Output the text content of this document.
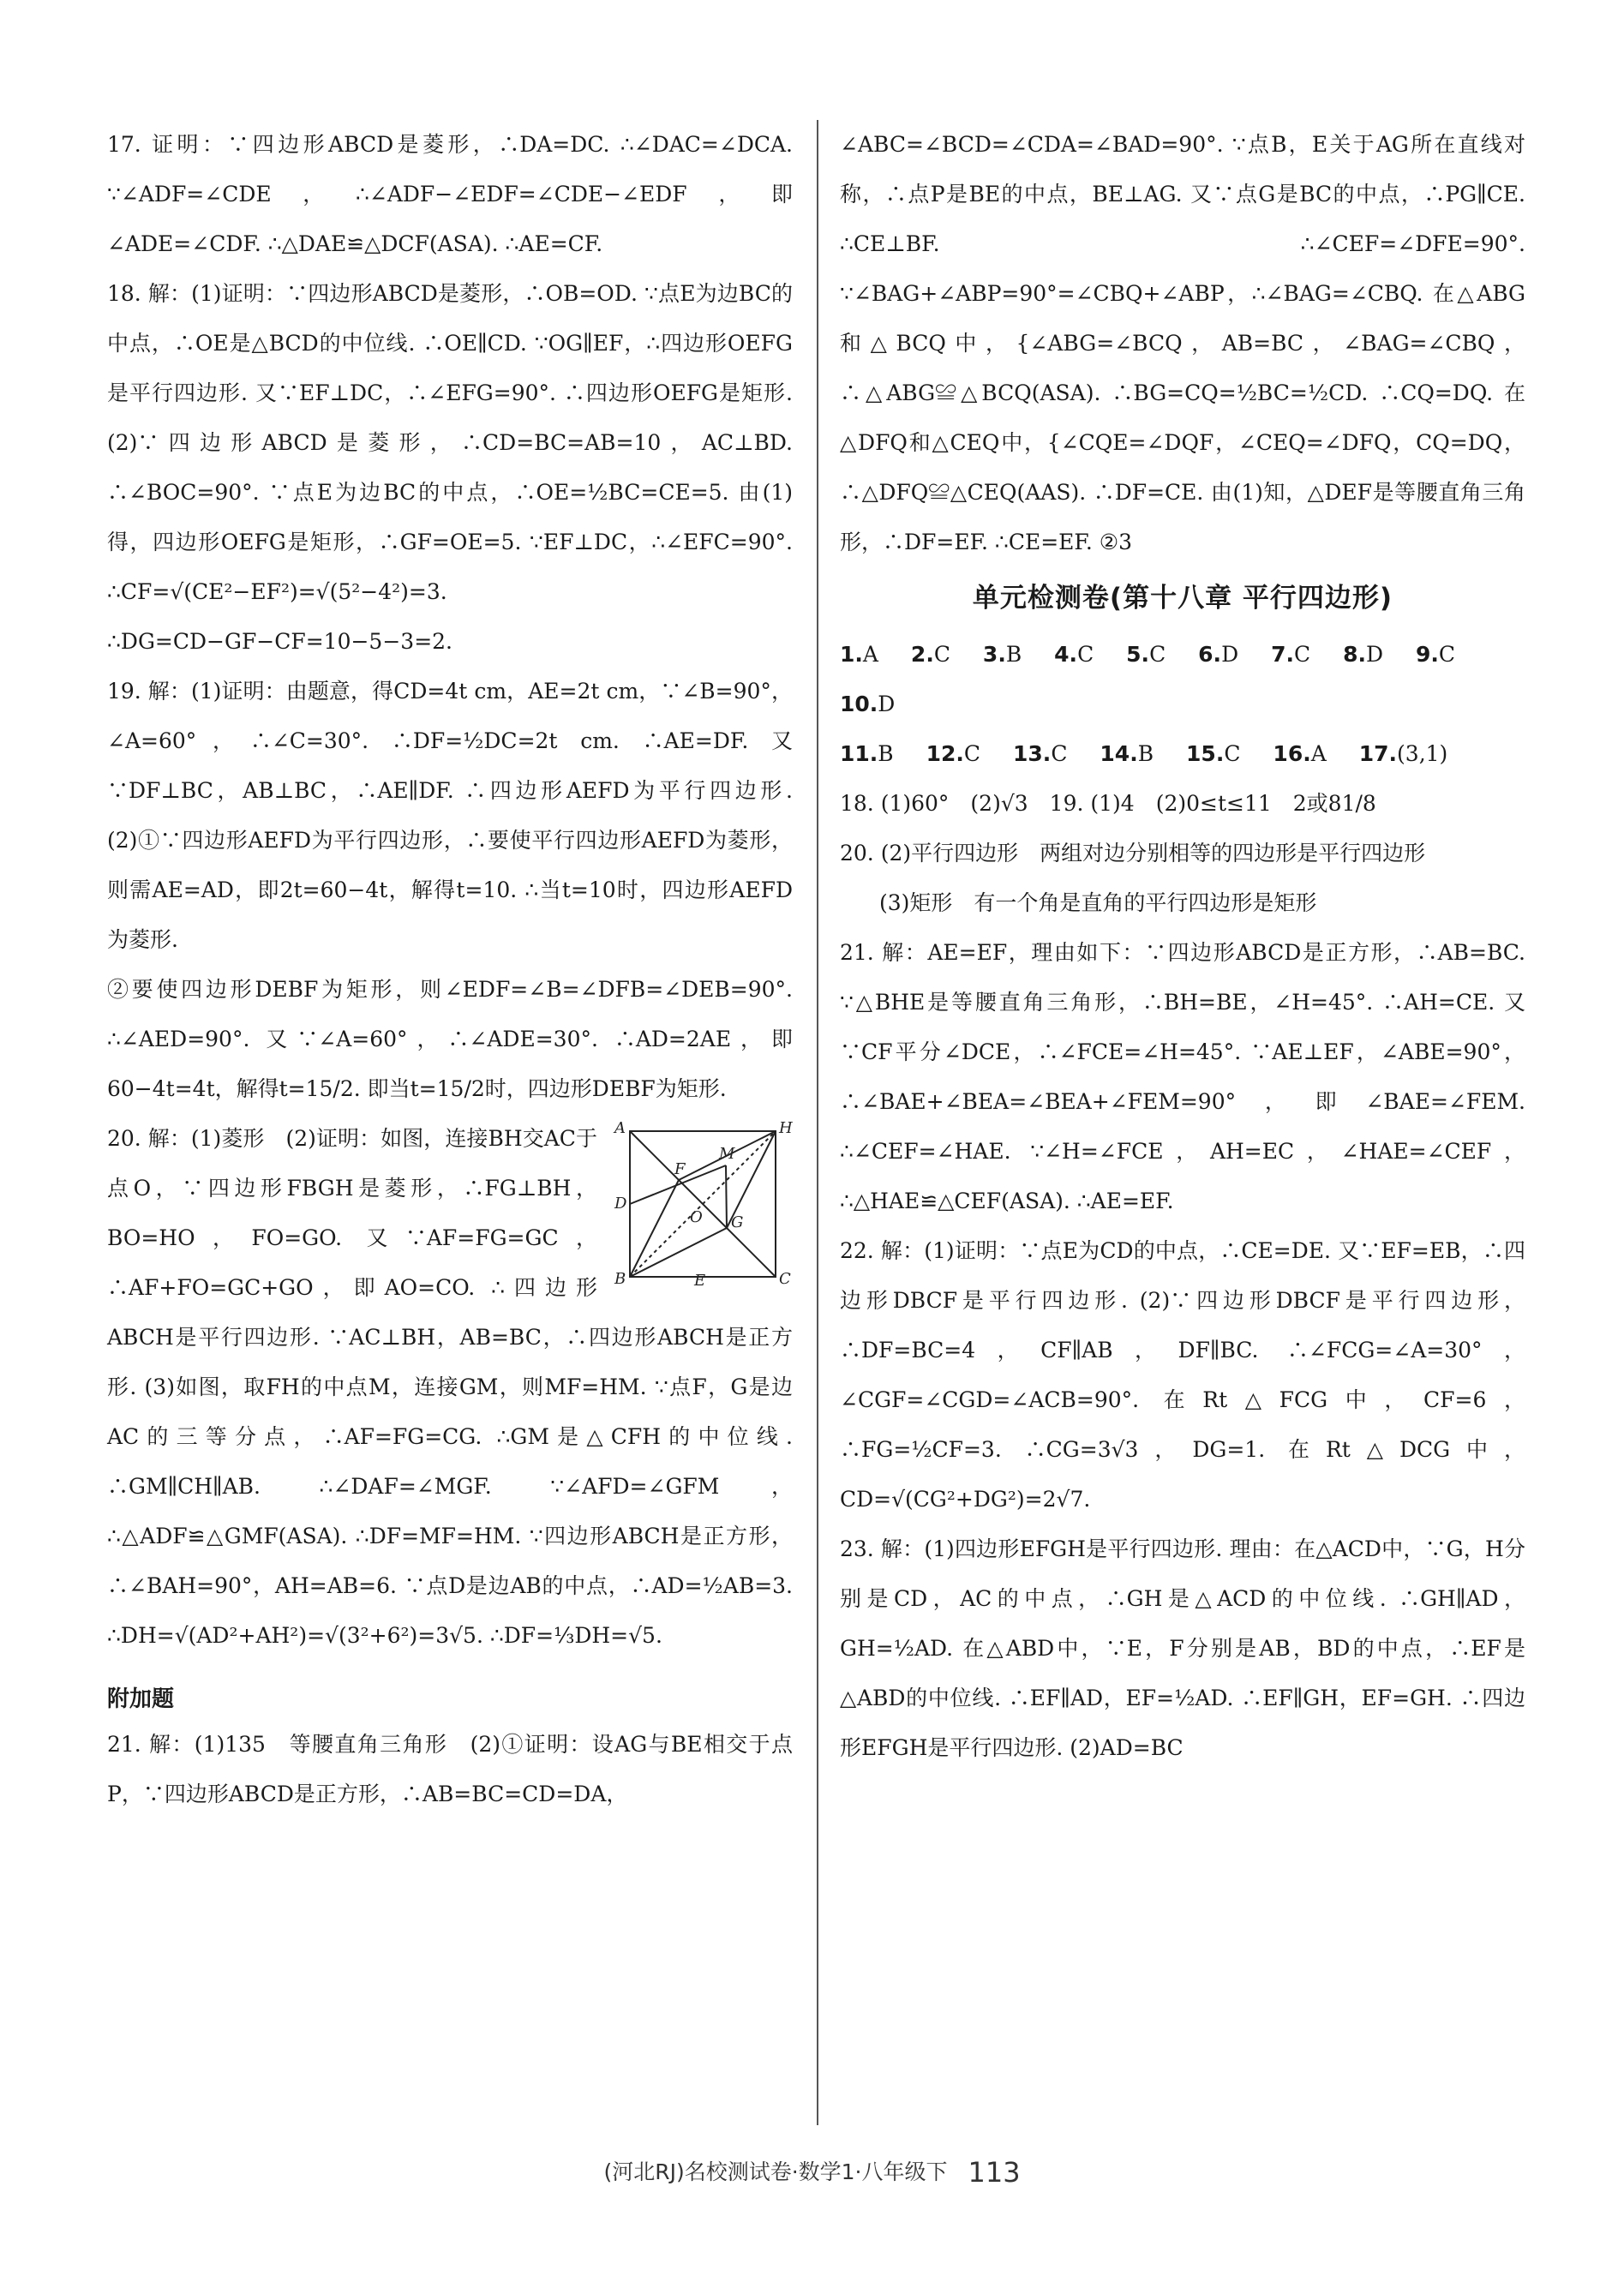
17. 证明：∵四边形ABCD是菱形，∴DA=DC. ∴∠DAC=∠DCA. ∵∠ADF=∠CDE，∴∠ADF−∠EDF=∠CDE−∠EDF，即∠ADE=∠CDF. ∴△DAE≌△DCF(ASA). ∴AE=CF.

18. 解：(1)证明：∵四边形ABCD是菱形，∴OB=OD. ∵点E为边BC的中点，∴OE是△BCD的中位线. ∴OE∥CD. ∵OG∥EF，∴四边形OEFG是平行四边形. 又∵EF⊥DC，∴∠EFG=90°. ∴四边形OEFG是矩形. (2)∵四边形ABCD是菱形，∴CD=BC=AB=10，AC⊥BD. ∴∠BOC=90°. ∵点E为边BC的中点，∴OE=½BC=CE=5. 由(1)得，四边形OEFG是矩形，∴GF=OE=5. ∵EF⊥DC，∴∠EFC=90°. ∴CF=√(CE²−EF²)=√(5²−4²)=3. ∴DG=CD−GF−CF=10−5−3=2.

19. 解：(1)证明：由题意，得CD=4t cm，AE=2t cm，∵∠B=90°，∠A=60°，∴∠C=30°. ∴DF=½DC=2t cm. ∴AE=DF. 又∵DF⊥BC，AB⊥BC，∴AE∥DF. ∴四边形AEFD为平行四边形. (2)①∵四边形AEFD为平行四边形，∴要使平行四边形AEFD为菱形，则需AE=AD，即2t=60−4t，解得t=10. ∴当t=10时，四边形AEFD为菱形.

②要使四边形DEBF为矩形，则∠EDF=∠B=∠DFB=∠DEB=90°. ∴∠AED=90°. 又∵∠A=60°，∴∠ADE=30°. ∴AD=2AE，即60−4t=4t，解得t=15/2. 即当t=15/2时，四边形DEBF为矩形.

A	H
M
F
D
O G
B	E	C

20. 解：(1)菱形　(2)证明：如图，连接BH交AC于点O，∵四边形FBGH是菱形，∴FG⊥BH，BO=HO，FO=GO. 又∵AF=FG=GC，∴AF+FO=GC+GO，即AO=CO. ∴四边形ABCH是平行四边形. ∵AC⊥BH，AB=BC，∴四边形ABCH是正方形. (3)如图，取FH的中点M，连接GM，则MF=HM. ∵点F，G是边AC的三等分点，∴AF=FG=CG. ∴GM是△CFH的中位线. ∴GM∥CH∥AB. ∴∠DAF=∠MGF. ∵∠AFD=∠GFM，∴△ADF≌△GMF(ASA). ∴DF=MF=HM. ∵四边形ABCH是正方形，∴∠BAH=90°，AH=AB=6. ∵点D是边AB的中点，∴AD=½AB=3. ∴DH=√(AD²+AH²)=√(3²+6²)=3√5. ∴DF=⅓DH=√5.

附加题

21. 解：(1)135　等腰直角三角形　(2)①证明：设AG与BE相交于点P，∵四边形ABCD是正方形，∴AB=BC=CD=DA，

∠ABC=∠BCD=∠CDA=∠BAD=90°. ∵点B，E关于AG所在直线对称，∴点P是BE的中点，BE⊥AG. 又∵点G是BC的中点，∴PG∥CE. ∴CE⊥BF. ∴∠CEF=∠DFE=90°. ∵∠BAG+∠ABP=90°=∠CBQ+∠ABP，∴∠BAG=∠CBQ. 在△ABG和△BCQ中，{∠ABG=∠BCQ，AB=BC，∠BAG=∠CBQ，∴△ABG≌△BCQ(ASA). ∴BG=CQ=½BC=½CD. ∴CQ=DQ. 在△DFQ和△CEQ中，{∠CQE=∠DQF，∠CEQ=∠DFQ，CQ=DQ，∴△DFQ≌△CEQ(AAS). ∴DF=CE. 由(1)知，△DEF是等腰直角三角形，∴DF=EF. ∴CE=EF. ②3

单元检测卷(第十八章 平行四边形)

1.A 2.C 3.B 4.C 5.C 6.D 7.C 8.D 9.C 10.D

11.B 12.C 13.C 14.B 15.C 16.A 17.(3,1)

18. (1)60°　(2)√3　19. (1)4　(2)0≤t≤11　2或81/8

20. (2)平行四边形　两组对边分别相等的四边形是平行四边形

(3)矩形　有一个角是直角的平行四边形是矩形

21. 解：AE=EF，理由如下：∵四边形ABCD是正方形，∴AB=BC. ∵△BHE是等腰直角三角形，∴BH=BE，∠H=45°. ∴AH=CE. 又∵CF平分∠DCE，∴∠FCE=∠H=45°. ∵AE⊥EF，∠ABE=90°，∴∠BAE+∠BEA=∠BEA+∠FEM=90°，即∠BAE=∠FEM. ∴∠CEF=∠HAE. ∵∠H=∠FCE，AH=EC，∠HAE=∠CEF，∴△HAE≌△CEF(ASA). ∴AE=EF.

22. 解：(1)证明：∵点E为CD的中点，∴CE=DE. 又∵EF=EB，∴四边形DBCF是平行四边形. (2)∵四边形DBCF是平行四边形，∴DF=BC=4，CF∥AB，DF∥BC. ∴∠FCG=∠A=30°，∠CGF=∠CGD=∠ACB=90°. 在Rt△FCG中，CF=6，∴FG=½CF=3. ∴CG=3√3，DG=1. 在Rt△DCG中，CD=√(CG²+DG²)=2√7.

23. 解：(1)四边形EFGH是平行四边形. 理由：在△ACD中，∵G，H分别是CD，AC的中点，∴GH是△ACD的中位线. ∴GH∥AD，GH=½AD. 在△ABD中，∵E，F分别是AB，BD的中点，∴EF是△ABD的中位线. ∴EF∥AD，EF=½AD. ∴EF∥GH，EF=GH. ∴四边形EFGH是平行四边形. (2)AD=BC

(河北RJ)名校测试卷·数学1·八年级下 113
